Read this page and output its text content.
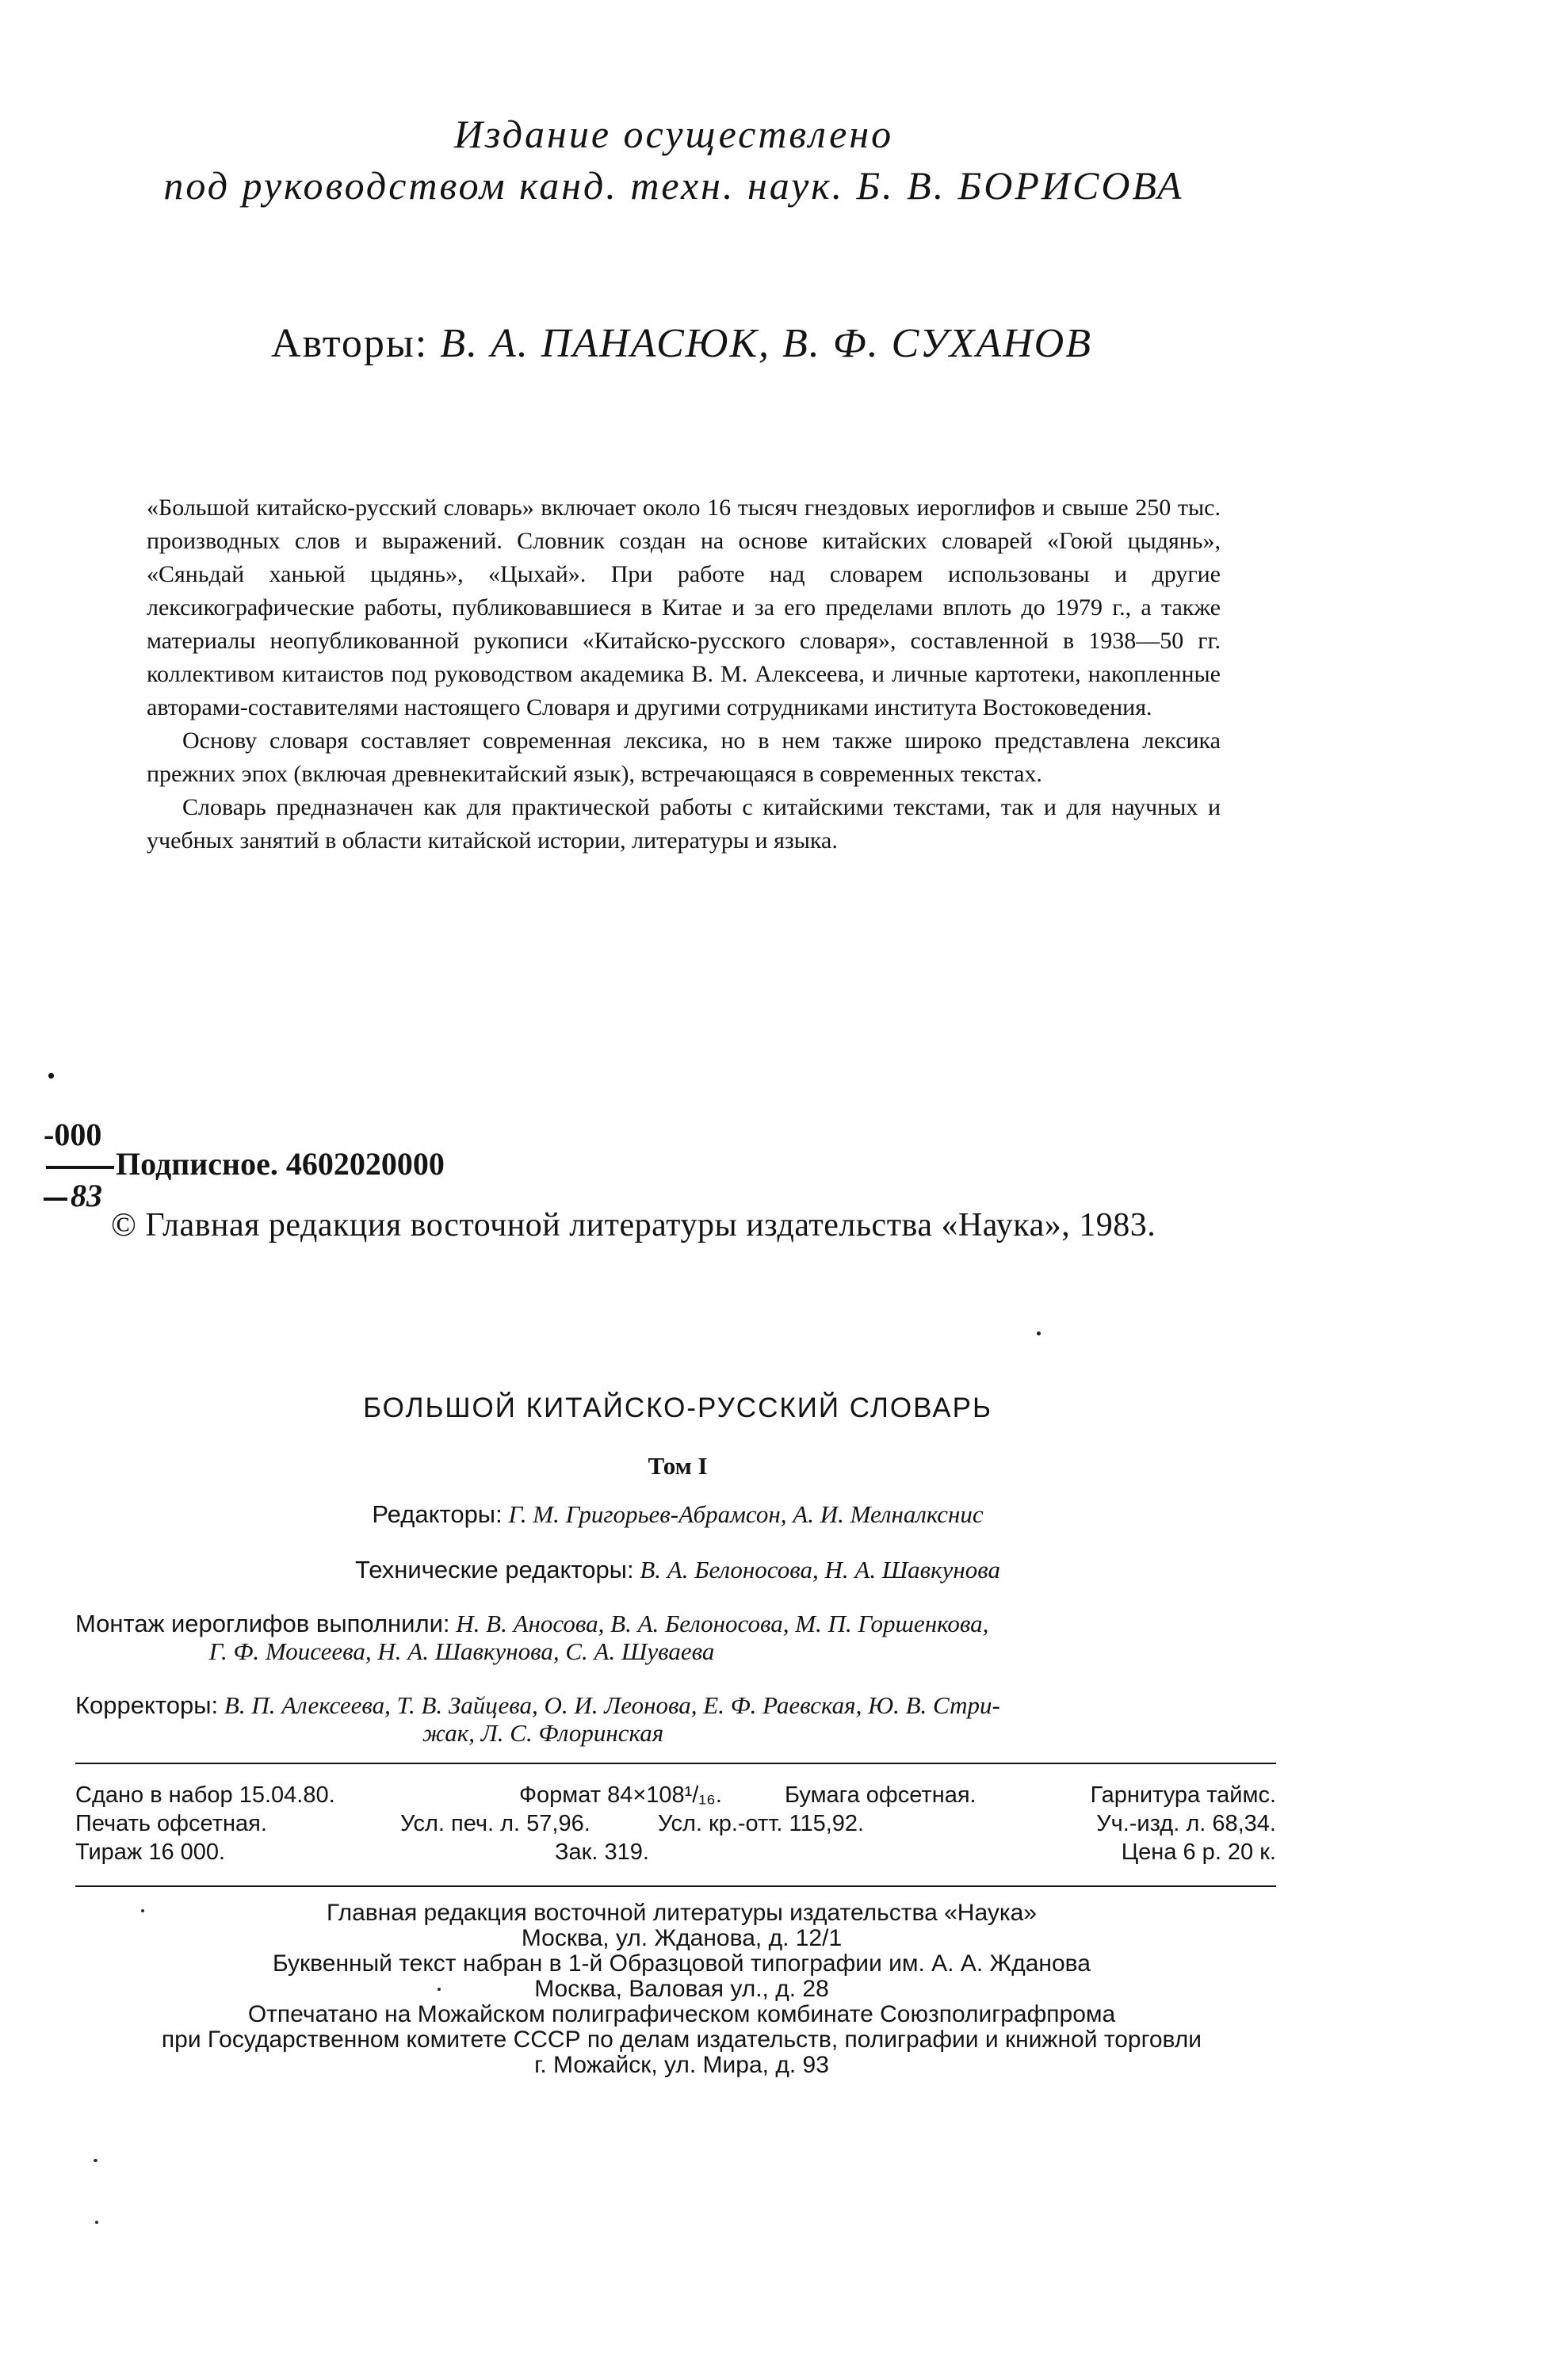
Издание осуществлено
под руководством канд. техн. наук. Б. В. БОРИСОВА
Авторы: В. А. ПАНАСЮК, В. Ф. СУХАНОВ

«Большой китайско-русский словарь» включает около 16 тысяч гнездовых иероглифов и свыше 250 тыс. производных слов и выражений. Словник создан на основе китайских словарей «Гоюй цыдянь», «Сяньдай ханьюй цыдянь», «Цыхай». При работе над словарем использованы и другие лексикографические работы, публиковавшиеся в Китае и за его пределами вплоть до 1979 г., а также материалы неопубликованной рукописи «Китайско-русского словаря», составленной в 1938—50 гг. коллективом китаистов под руководством академика В. М. Алексеева, и личные картотеки, накопленные авторами-составителями настоящего Словаря и другими сотрудниками института Востоковедения.

Основу словаря составляет современная лексика, но в нем также широко представлена лексика прежних эпох (включая древнекитайский язык), встречающаяся в современных текстах.

Словарь предназначен как для практической работы с китайскими текстами, так и для научных и учебных занятий в области китайской истории, литературы и языка.

•
-000
Подписное. 4602020000
83
© Главная редакция восточной литературы издательства «Наука», 1983.
БОЛЬШОЙ КИТАЙСКО-РУССКИЙ СЛОВАРЬ
Том I
Редакторы: Г. М. Григорьев-Абрамсон, А. И. Мелналкснис
Технические редакторы: В. А. Белоносова, Н. А. Шавкунова
Монтаж иероглифов выполнили: Н. В. Аносова, В. А. Белоносова, М. П. Горшенкова,
Г. Ф. Моисеева, Н. А. Шавкунова, С. А. Шуваева
Корректоры: В. П. Алексеева, Т. В. Зайцева, О. И. Леонова, Е. Ф. Раевская, Ю. В. Стри-
жак, Л. С. Флоринская
Сдано в набор 15.04.80.	Формат 84×108¹/₁₆.	Бумага офсетная.	Гарнитура таймс.
Печать офсетная.	Усл. печ. л. 57,96.	Усл. кр.-отт. 115,92.	Уч.-изд. л. 68,34.
Тираж 16 000.	Зак. 319.	Цена 6 р. 20 к.
Главная редакция восточной литературы издательства «Наука»
Москва, ул. Жданова, д. 12/1
Буквенный текст набран в 1-й Образцовой типографии им. А. А. Жданова
Москва, Валовая ул., д. 28
Отпечатано на Можайском полиграфическом комбинате Союзполиграфпрома
при Государственном комитете СССР по делам издательств, полиграфии и книжной торговли
г. Можайск, ул. Мира, д. 93
